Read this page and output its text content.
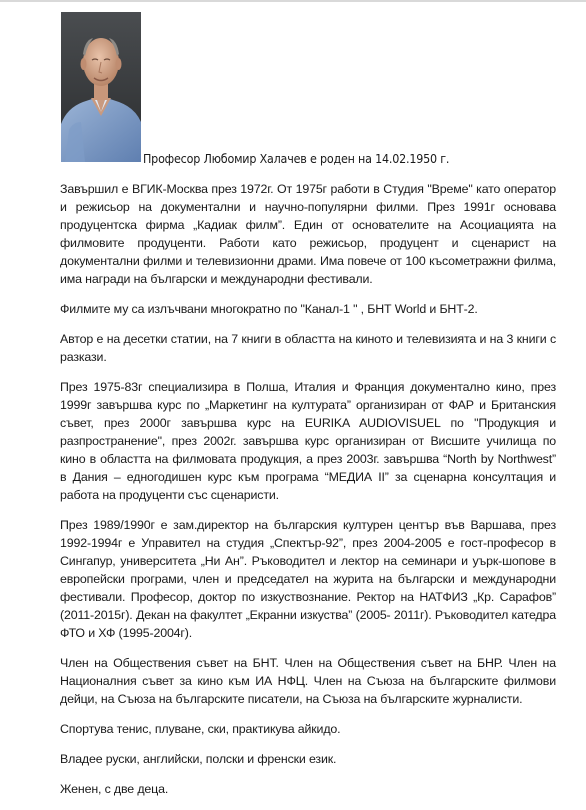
Професор Любомир Халачев е роден на 14.02.1950 г.

Завършил е ВГИК-Москва през 1972г. От 1975г работи в Студия "Време" като оператор и режисьор на документални и научно-популярни филми. През 1991г основава продуцентска фирма „Кадиак филм”. Един от основателите на Асоциацията на филмовите продуценти. Работи като режисьор, продуцент и сценарист на документални филми и телевизионни драми. Има повече от 100 късометражни филма, има награди на български и международни фестивали.

Филмите му са излъчвани многократно по "Канал-1 " , БНТ World и БНТ-2.

Автор е на десетки статии, на 7 книги в областта на киното и телевизията и на 3 книги с разкази.

През 1975-83г специализира в Полша, Италия и Франция документално кино, през 1999г завършва курс по „Маркетинг на културата” организиран от ФАР и Британския съвет, през 2000г завършва курс на EURIKA AUDIOVISUEL по "Продукция и разпространение", през 2002г. завършва курс организиран от Висшите училища по кино в областта на филмовата продукция, а през 2003г. завършва “North by Northwest” в Дания – едногодишен курс към програма “МЕДИА II” за сценарна консултация и работа на продуценти със сценаристи.

През 1989/1990г е зам.директор на българския културен център във Варшава, през 1992-1994г е Управител на студия „Спектър-92”, през 2004-2005 е гост-професор в Сингапур, университета „Ни Ан”. Ръководител и лектор на семинари и уърк-шопове в европейски програми, член и председател на журита на български и международни фестивали. Професор, доктор по изкуствознание. Ректор на НАТФИЗ „Кр. Сарафов” (2011-2015г). Декан на факултет „Екранни изкуства” (2005- 2011г). Ръководител катедра ФТО и ХФ (1995-2004г).

Член на Обществения съвет на БНТ. Член на Обществения съвет на БНР. Член на Националния съвет за кино към ИА НФЦ. Член на Съюза на българските филмови дейци, на Съюза на българските писатели, на Съюза на българските журналисти.

Спортува тенис, плуване, ски, практикува айкидо.

Владее руски, английски, полски и френски език.

Женен, с две деца.
